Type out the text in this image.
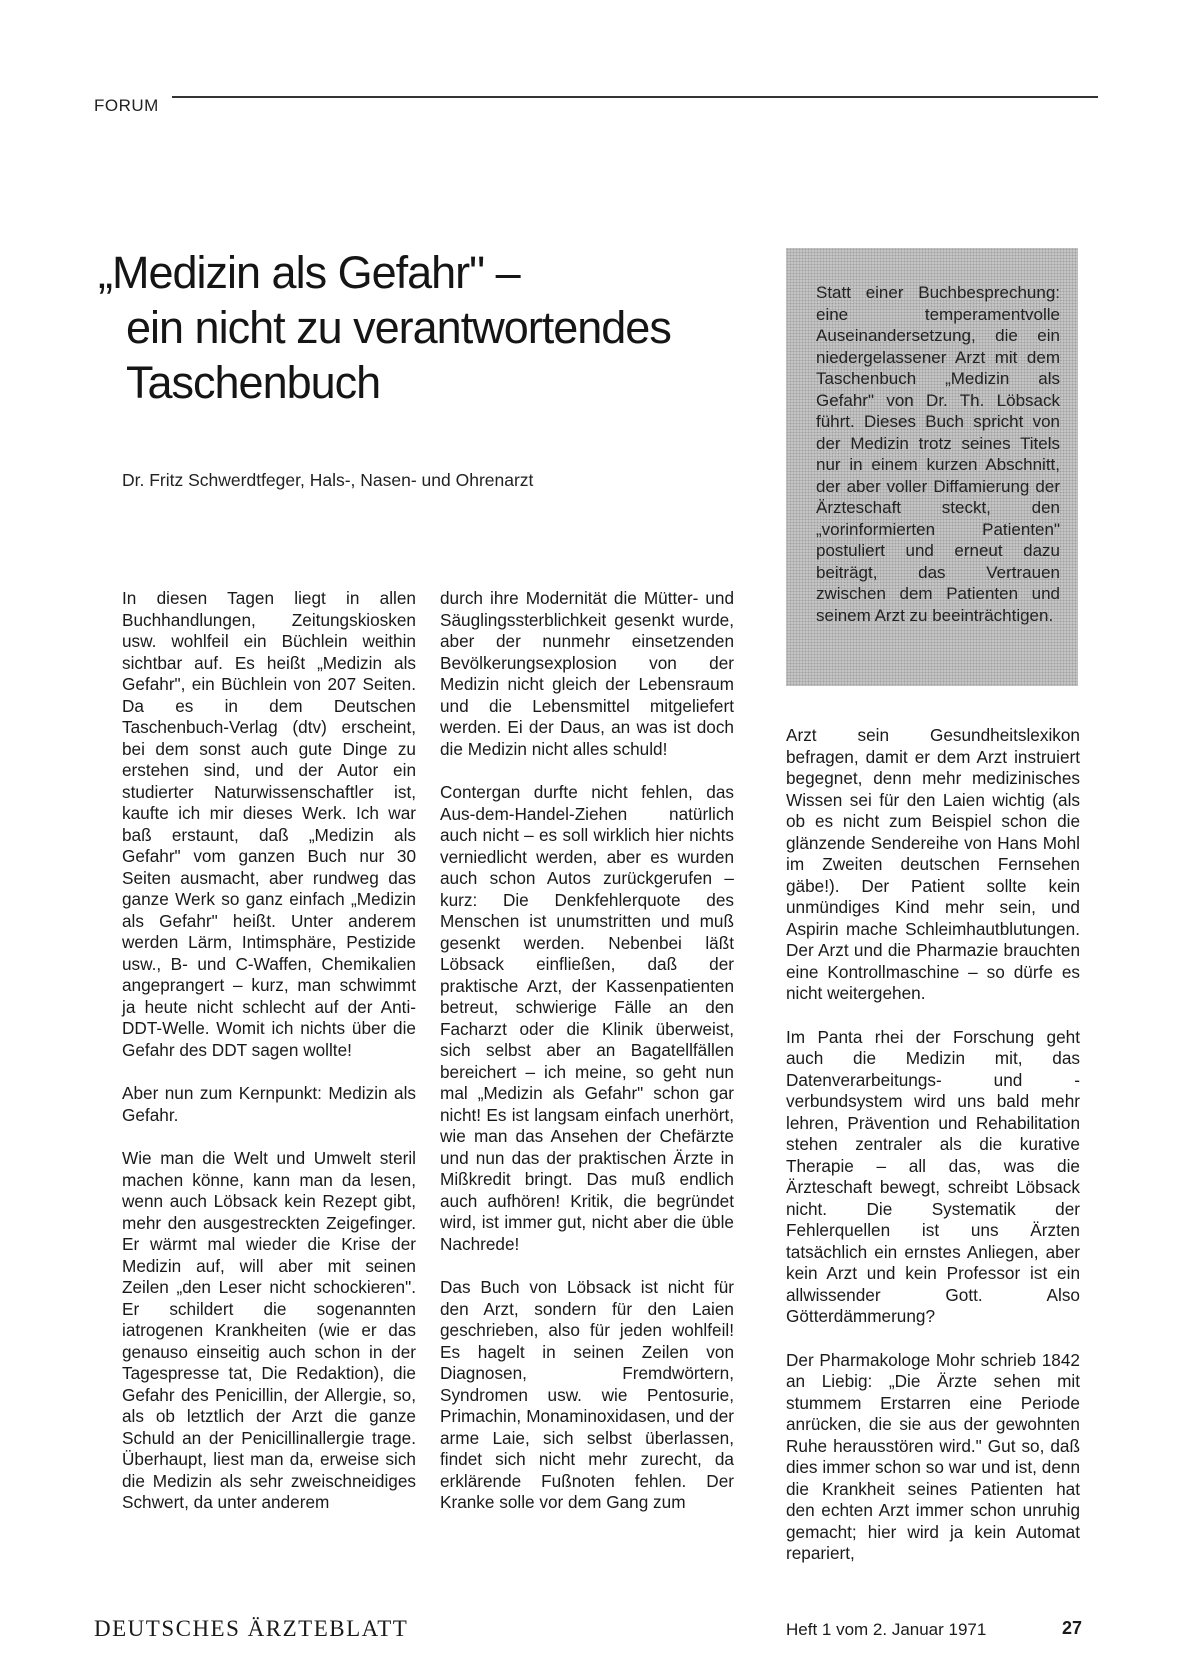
FORUM
„Medizin als Gefahr" –
ein nicht zu verantwortendes
Taschenbuch
Dr. Fritz Schwerdtfeger, Hals-, Nasen- und Ohrenarzt

Statt einer Buchbesprechung: eine temperamentvolle Auseinandersetzung, die ein niedergelassener Arzt mit dem Taschenbuch „Medizin als Gefahr" von Dr. Th. Löbsack führt. Dieses Buch spricht von der Medizin trotz seines Titels nur in einem kurzen Abschnitt, der aber voller Diffamierung der Ärzteschaft steckt, den „vorinformierten Patienten" postuliert und erneut dazu beiträgt, das Vertrauen zwischen dem Patienten und seinem Arzt zu beeinträchtigen.

In diesen Tagen liegt in allen Buchhandlungen, Zeitungskiosken usw. wohlfeil ein Büchlein weithin sichtbar auf. Es heißt „Medizin als Gefahr", ein Büchlein von 207 Seiten. Da es in dem Deutschen Taschenbuch-Verlag (dtv) erscheint, bei dem sonst auch gute Dinge zu erstehen sind, und der Autor ein studierter Naturwissenschaftler ist, kaufte ich mir dieses Werk. Ich war baß erstaunt, daß „Medizin als Gefahr" vom ganzen Buch nur 30 Seiten ausmacht, aber rundweg das ganze Werk so ganz einfach „Medizin als Gefahr" heißt. Unter anderem werden Lärm, Intimsphäre, Pestizide usw., B- und C-Waffen, Chemikalien angeprangert – kurz, man schwimmt ja heute nicht schlecht auf der Anti-DDT-Welle. Womit ich nichts über die Gefahr des DDT sagen wollte!

Aber nun zum Kernpunkt: Medizin als Gefahr.

Wie man die Welt und Umwelt steril machen könne, kann man da lesen, wenn auch Löbsack kein Rezept gibt, mehr den ausgestreckten Zeigefinger. Er wärmt mal wieder die Krise der Medizin auf, will aber mit seinen Zeilen „den Leser nicht schockieren". Er schildert die sogenannten iatrogenen Krankheiten (wie er das genauso einseitig auch schon in der Tagespresse tat, Die Redaktion), die Gefahr des Penicillin, der Allergie, so, als ob letztlich der Arzt die ganze Schuld an der Penicillinallergie trage. Überhaupt, liest man da, erweise sich die Medizin als sehr zweischneidiges Schwert, da unter anderem

durch ihre Modernität die Mütter- und Säuglingssterblichkeit gesenkt wurde, aber der nunmehr einsetzenden Bevölkerungsexplosion von der Medizin nicht gleich der Lebensraum und die Lebensmittel mitgeliefert werden. Ei der Daus, an was ist doch die Medizin nicht alles schuld!

Contergan durfte nicht fehlen, das Aus-dem-Handel-Ziehen natürlich auch nicht – es soll wirklich hier nichts verniedlicht werden, aber es wurden auch schon Autos zurückgerufen – kurz: Die Denkfehlerquote des Menschen ist unumstritten und muß gesenkt werden. Nebenbei läßt Löbsack einfließen, daß der praktische Arzt, der Kassenpatienten betreut, schwierige Fälle an den Facharzt oder die Klinik überweist, sich selbst aber an Bagatellfällen bereichert – ich meine, so geht nun mal „Medizin als Gefahr" schon gar nicht! Es ist langsam einfach unerhört, wie man das Ansehen der Chefärzte und nun das der praktischen Ärzte in Mißkredit bringt. Das muß endlich auch aufhören! Kritik, die begründet wird, ist immer gut, nicht aber die üble Nachrede!

Das Buch von Löbsack ist nicht für den Arzt, sondern für den Laien geschrieben, also für jeden wohlfeil! Es hagelt in seinen Zeilen von Diagnosen, Fremdwörtern, Syndromen usw. wie Pentosurie, Primachin, Monaminoxidasen, und der arme Laie, sich selbst überlassen, findet sich nicht mehr zurecht, da erklärende Fußnoten fehlen. Der Kranke solle vor dem Gang zum

Arzt sein Gesundheitslexikon befragen, damit er dem Arzt instruiert begegnet, denn mehr medizinisches Wissen sei für den Laien wichtig (als ob es nicht zum Beispiel schon die glänzende Sendereihe von Hans Mohl im Zweiten deutschen Fernsehen gäbe!). Der Patient sollte kein unmündiges Kind mehr sein, und Aspirin mache Schleimhautblutungen. Der Arzt und die Pharmazie brauchten eine Kontrollmaschine – so dürfe es nicht weitergehen.

Im Panta rhei der Forschung geht auch die Medizin mit, das Datenverarbeitungs- und -verbundsystem wird uns bald mehr lehren, Prävention und Rehabilitation stehen zentraler als die kurative Therapie – all das, was die Ärzteschaft bewegt, schreibt Löbsack nicht. Die Systematik der Fehlerquellen ist uns Ärzten tatsächlich ein ernstes Anliegen, aber kein Arzt und kein Professor ist ein allwissender Gott. Also Götterdämmerung?

Der Pharmakologe Mohr schrieb 1842 an Liebig: „Die Ärzte sehen mit stummem Erstarren eine Periode anrücken, die sie aus der gewohnten Ruhe herausstören wird." Gut so, daß dies immer schon so war und ist, denn die Krankheit seines Patienten hat den echten Arzt immer schon unruhig gemacht; hier wird ja kein Automat repariert,

DEUTSCHES ÄRZTEBLATT	Heft 1 vom 2. Januar 1971	27
